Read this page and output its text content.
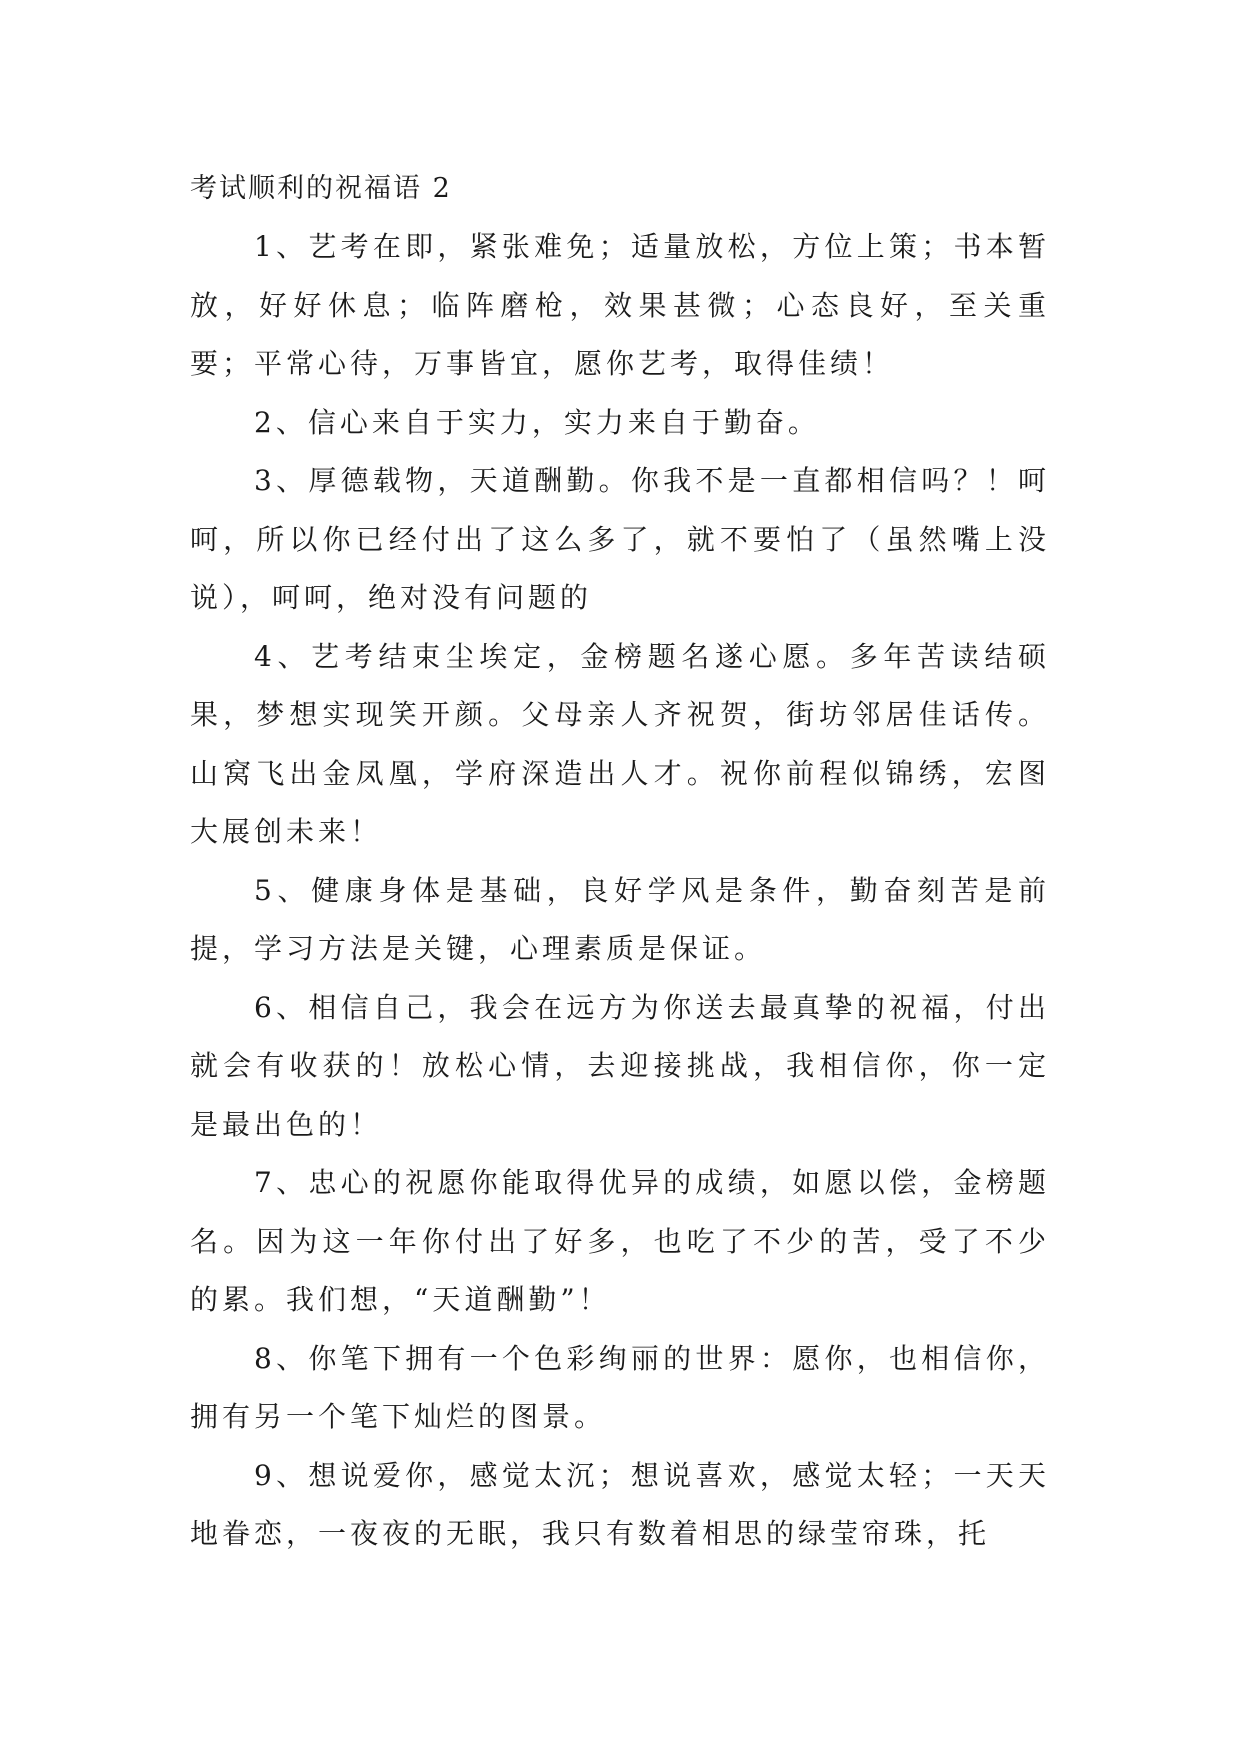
考试顺利的祝福语 2

1、艺考在即，紧张难免；适量放松，方位上策；书本暂放，好好休息；临阵磨枪，效果甚微；心态良好，至关重要；平常心待，万事皆宜，愿你艺考，取得佳绩！

2、信心来自于实力，实力来自于勤奋。

3、厚德载物，天道酬勤。你我不是一直都相信吗？！呵呵，所以你已经付出了这么多了，就不要怕了（虽然嘴上没说），呵呵，绝对没有问题的

4、艺考结束尘埃定，金榜题名遂心愿。多年苦读结硕果，梦想实现笑开颜。父母亲人齐祝贺，街坊邻居佳话传。山窝飞出金凤凰，学府深造出人才。祝你前程似锦绣，宏图大展创未来！

5、健康身体是基础，良好学风是条件，勤奋刻苦是前提，学习方法是关键，心理素质是保证。

6、相信自己，我会在远方为你送去最真挚的祝福，付出就会有收获的！放松心情，去迎接挑战，我相信你，你一定是最出色的！

7、忠心的祝愿你能取得优异的成绩，如愿以偿，金榜题名。因为这一年你付出了好多，也吃了不少的苦，受了不少的累。我们想，“天道酬勤”！

8、你笔下拥有一个色彩绚丽的世界：愿你，也相信你，拥有另一个笔下灿烂的图景。

9、想说爱你，感觉太沉；想说喜欢，感觉太轻；一天天地眷恋，一夜夜的无眠，我只有数着相思的绿莹帘珠，托
